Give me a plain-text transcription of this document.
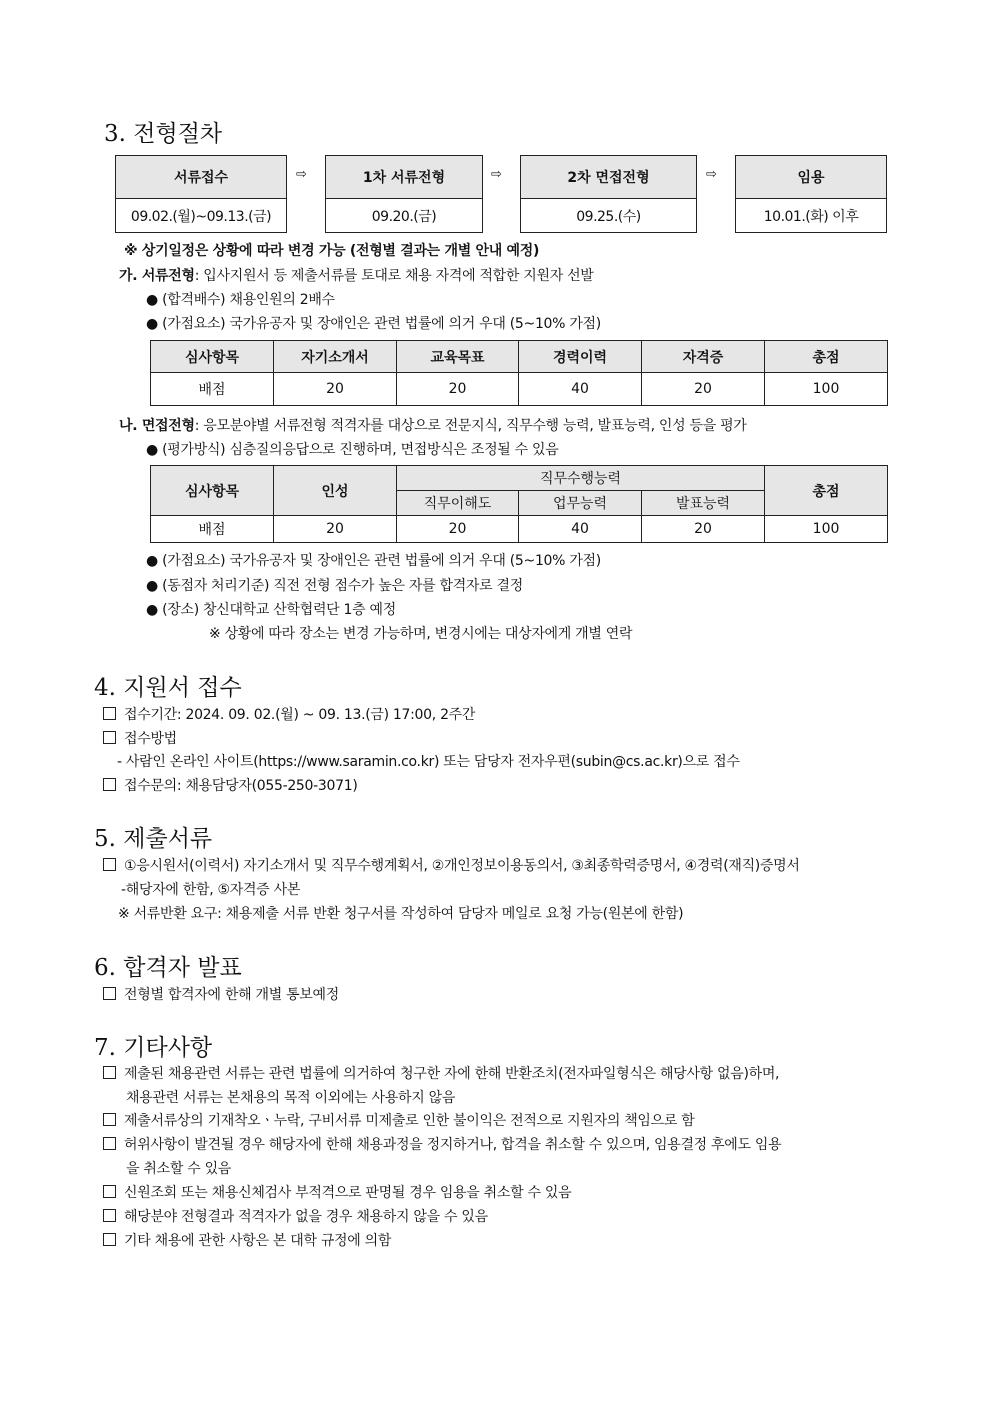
3. 전형절차
서류접수
09.02.(월)~09.13.(금)
⇨	1차 서류전형
09.20.(금)
⇨	2차 면접전형
09.25.(수)
⇨	임용
10.01.(화) 이후
※ 상기일정은 상황에 따라 변경 가능 (전형별 결과는 개별 안내 예정)
가. 서류전형: 입사지원서 등 제출서류를 토대로 채용 자격에 적합한 지원자 선발
● (합격배수) 채용인원의 2배수
● (가점요소) 국가유공자 및 장애인은 관련 법률에 의거 우대 (5~10% 가점)
심사항목	자기소개서	교육목표	경력이력	자격증	총점
배점	20	20	40	20	100
나. 면접전형: 응모분야별 서류전형 적격자를 대상으로 전문지식, 직무수행 능력, 발표능력, 인성 등을 평가
● (평가방식) 심층질의응답으로 진행하며, 면접방식은 조정될 수 있음
심사항목	인성	직무수행능력			총점
		직무이해도	업무능력	발표능력	
배점	20	20	40	20	100
● (가점요소) 국가유공자 및 장애인은 관련 법률에 의거 우대 (5~10% 가점)
● (동점자 처리기준) 직전 전형 점수가 높은 자를 합격자로 결정
● (장소) 창신대학교 산학협력단 1층 예정
※ 상황에 따라 장소는 변경 가능하며, 변경시에는 대상자에게 개별 연락
4. 지원서 접수
접수기간: 2024. 09. 02.(월) ~ 09. 13.(금) 17:00, 2주간
접수방법
- 사람인 온라인 사이트(https://www.saramin.co.kr) 또는 담당자 전자우편(subin@cs.ac.kr)으로 접수
접수문의: 채용담당자(055-250-3071)
5. 제출서류
①응시원서(이력서) 자기소개서 및 직무수행계획서, ②개인정보이용동의서, ③최종학력증명서, ④경력(재직)증명서
-해당자에 한함, ⑤자격증 사본
※ 서류반환 요구: 채용제출 서류 반환 청구서를 작성하여 담당자 메일로 요청 가능(원본에 한함)
6. 합격자 발표
전형별 합격자에 한해 개별 통보예정
7. 기타사항
제출된 채용관련 서류는 관련 법률에 의거하여 청구한 자에 한해 반환조치(전자파일형식은 해당사항 없음)하며,
채용관련 서류는 본채용의 목적 이외에는 사용하지 않음
제출서류상의 기재착오ㆍ누락, 구비서류 미제출로 인한 불이익은 전적으로 지원자의 책임으로 함
허위사항이 발견될 경우 해당자에 한해 채용과정을 정지하거나, 합격을 취소할 수 있으며, 임용결정 후에도 임용
을 취소할 수 있음
신원조회 또는 채용신체검사 부적격으로 판명될 경우 임용을 취소할 수 있음
해당분야 전형결과 적격자가 없을 경우 채용하지 않을 수 있음
기타 채용에 관한 사항은 본 대학 규정에 의함
